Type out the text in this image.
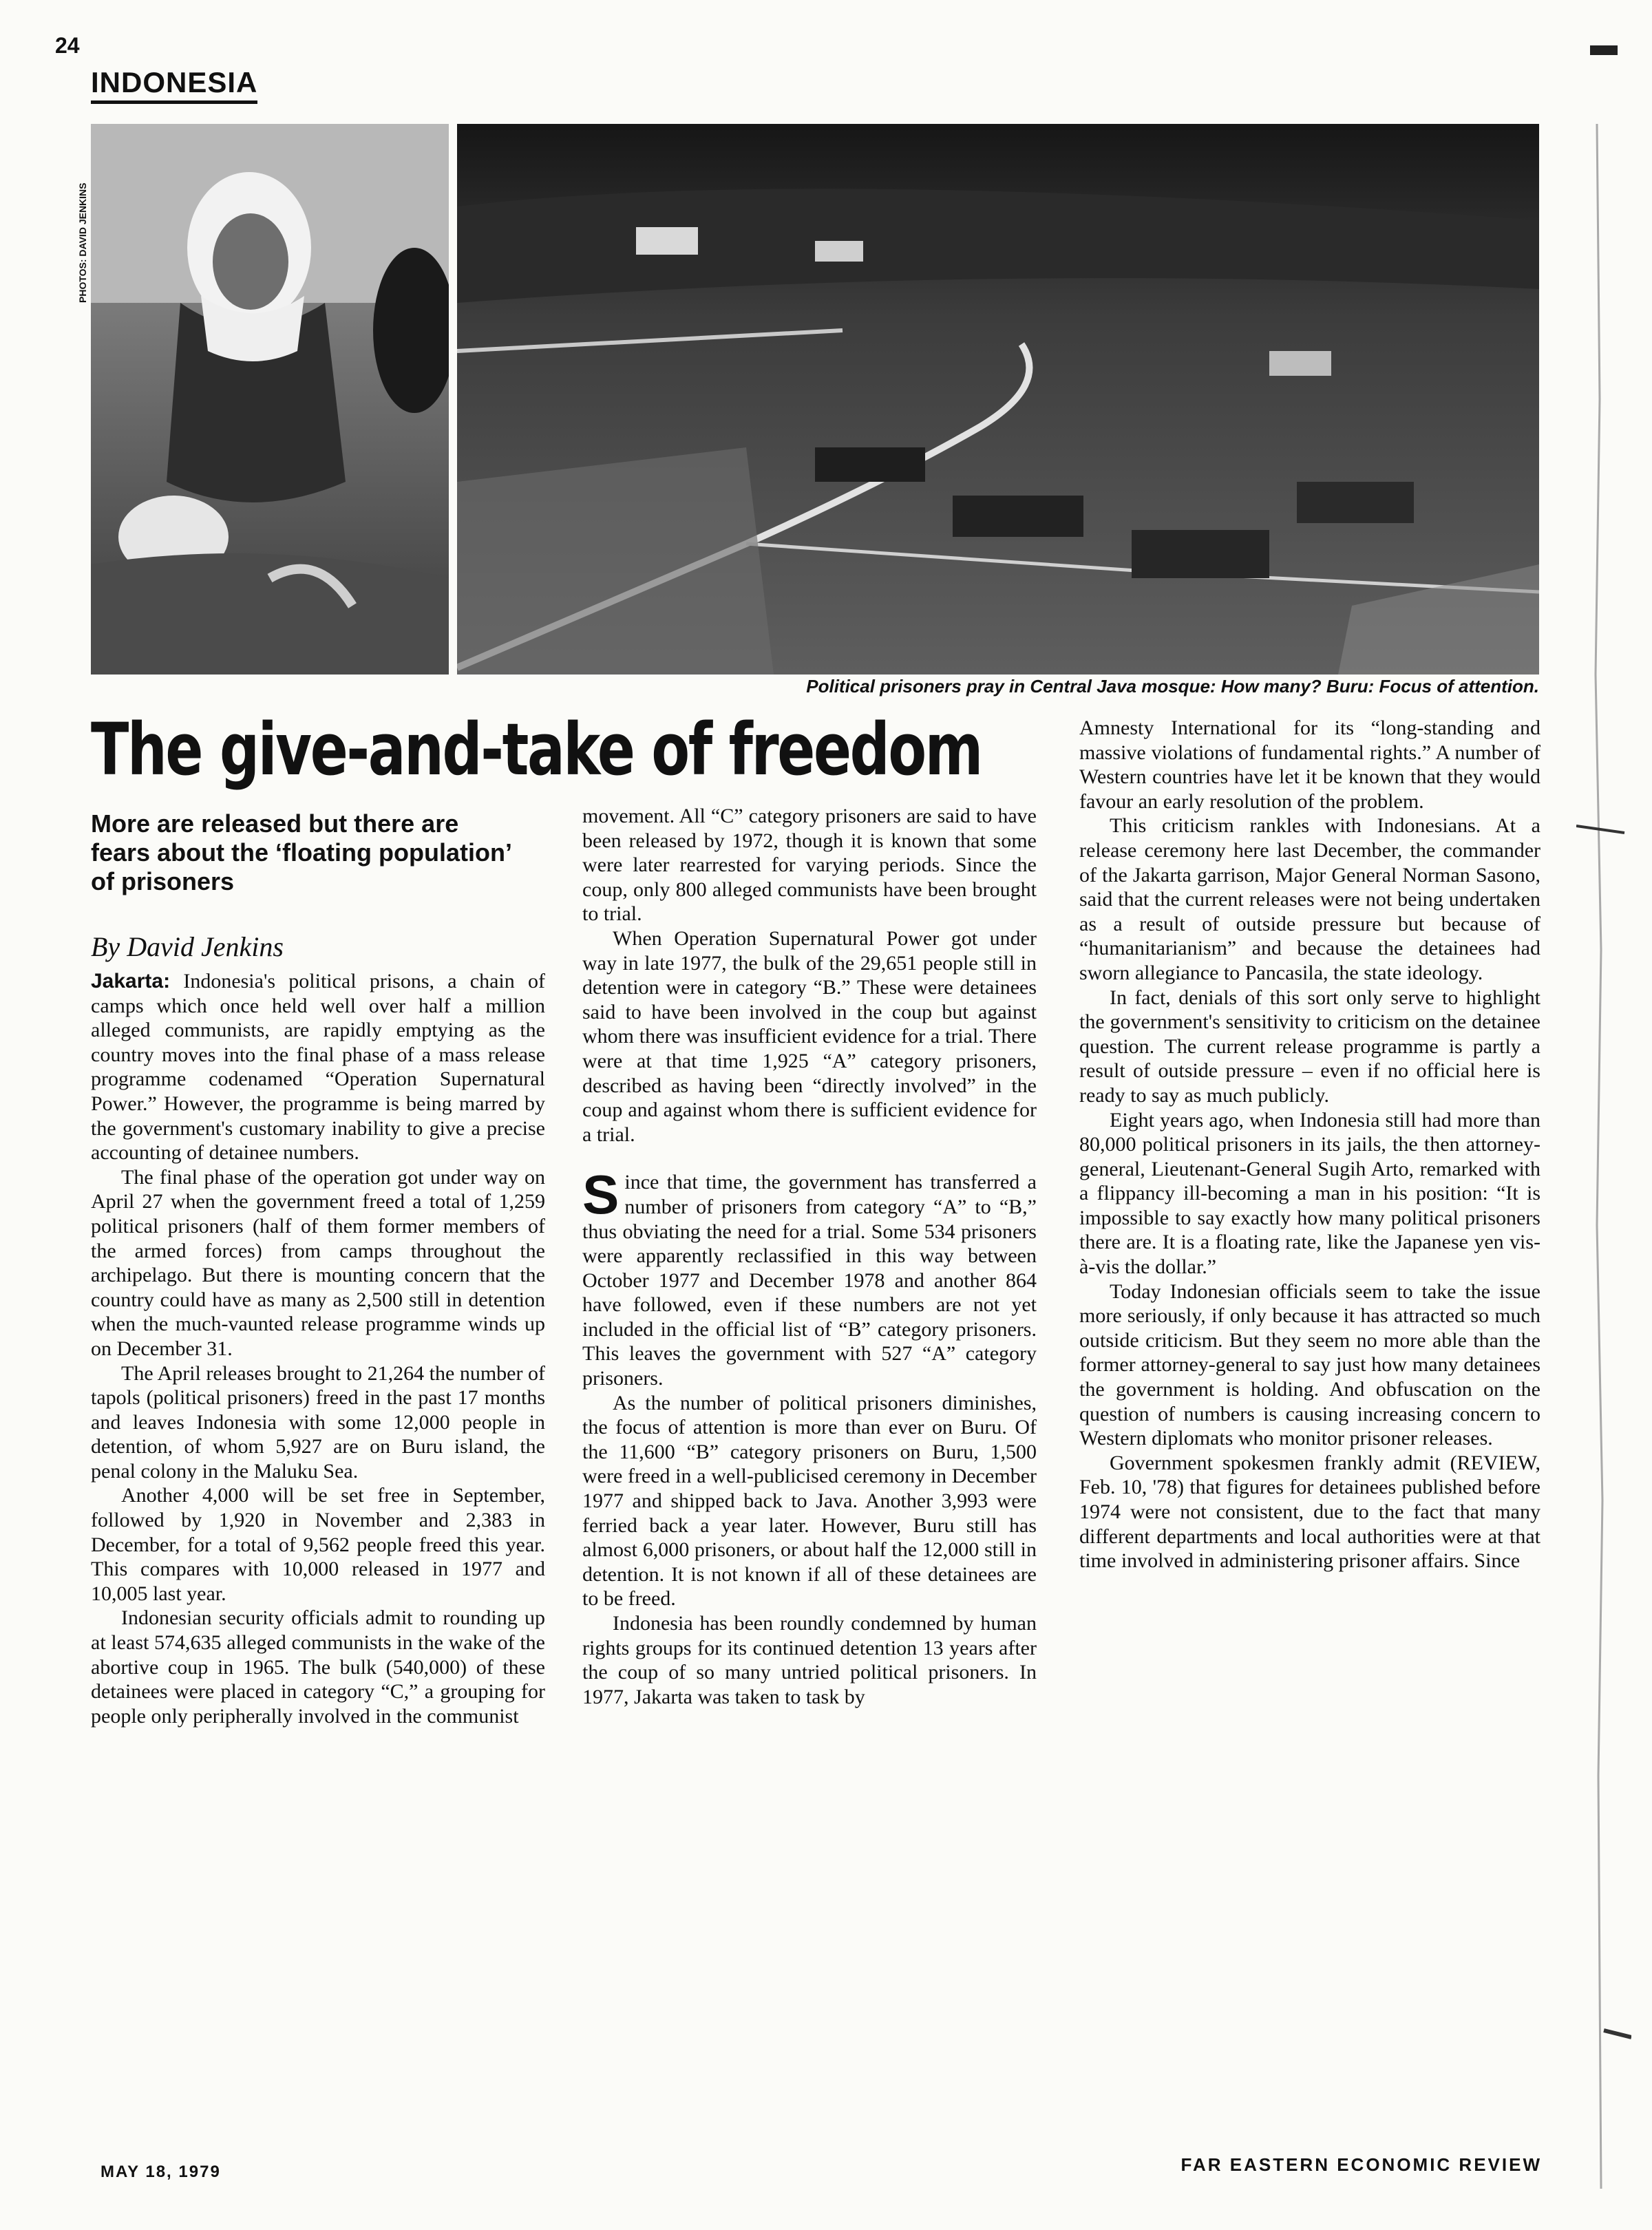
24
INDONESIA
PHOTOS: DAVID JENKINS
Political prisoners pray in Central Java mosque: How many? Buru: Focus of attention.
The give-and-take of freedom
More are released but there are fears about the ‘floating population’ of prisoners
By David Jenkins

Jakarta: Indonesia's political prisons, a chain of camps which once held well over half a million alleged communists, are rapidly emptying as the country moves into the final phase of a mass release programme codenamed “Operation Supernatural Power.” However, the programme is being marred by the government's customary inability to give a precise accounting of detainee numbers.

The final phase of the operation got under way on April 27 when the government freed a total of 1,259 political prisoners (half of them former members of the armed forces) from camps throughout the archipelago. But there is mounting concern that the country could have as many as 2,500 still in detention when the much-vaunted release programme winds up on December 31.

The April releases brought to 21,264 the number of tapols (political prisoners) freed in the past 17 months and leaves Indonesia with some 12,000 people in detention, of whom 5,927 are on Buru island, the penal colony in the Maluku Sea.

Another 4,000 will be set free in September, followed by 1,920 in November and 2,383 in December, for a total of 9,562 people freed this year. This compares with 10,000 released in 1977 and 10,005 last year.

Indonesian security officials admit to rounding up at least 574,635 alleged communists in the wake of the abortive coup in 1965. The bulk (540,000) of these detainees were placed in category “C,” a grouping for people only peripherally involved in the communist

movement. All “C” category prisoners are said to have been released by 1972, though it is known that some were later rearrested for varying periods. Since the coup, only 800 alleged communists have been brought to trial.

When Operation Supernatural Power got under way in late 1977, the bulk of the 29,651 people still in detention were in category “B.” These were detainees said to have been involved in the coup but against whom there was insufficient evidence for a trial. There were at that time 1,925 “A” category prisoners, described as having been “directly involved” in the coup and against whom there is sufficient evidence for a trial.

Since that time, the government has transferred a number of prisoners from category “A” to “B,” thus obviating the need for a trial. Some 534 prisoners were apparently reclassified in this way between October 1977 and December 1978 and another 864 have followed, even if these numbers are not yet included in the official list of “B” category prisoners. This leaves the government with 527 “A” category prisoners.

As the number of political prisoners diminishes, the focus of attention is more than ever on Buru. Of the 11,600 “B” category prisoners on Buru, 1,500 were freed in a well-publicised ceremony in December 1977 and shipped back to Java. Another 3,993 were ferried back a year later. However, Buru still has almost 6,000 prisoners, or about half the 12,000 still in detention. It is not known if all of these detainees are to be freed.

Indonesia has been roundly condemned by human rights groups for its continued detention 13 years after the coup of so many untried political prisoners. In 1977, Jakarta was taken to task by

Amnesty International for its “long-standing and massive violations of fundamental rights.” A number of Western countries have let it be known that they would favour an early resolution of the problem.

This criticism rankles with Indonesians. At a release ceremony here last December, the commander of the Jakarta garrison, Major General Norman Sasono, said that the current releases were not being undertaken as a result of outside pressure but because of “humanitarianism” and because the detainees had sworn allegiance to Pancasila, the state ideology.

In fact, denials of this sort only serve to highlight the government's sensitivity to criticism on the detainee question. The current release programme is partly a result of outside pressure – even if no official here is ready to say as much publicly.

Eight years ago, when Indonesia still had more than 80,000 political prisoners in its jails, the then attorney-general, Lieutenant-General Sugih Arto, remarked with a flippancy ill-becoming a man in his position: “It is impossible to say exactly how many political prisoners there are. It is a floating rate, like the Japanese yen vis-à-vis the dollar.”

Today Indonesian officials seem to take the issue more seriously, if only because it has attracted so much outside criticism. But they seem no more able than the former attorney-general to say just how many detainees the government is holding. And obfuscation on the question of numbers is causing increasing concern to Western diplomats who monitor prisoner releases.

Government spokesmen frankly admit (REVIEW, Feb. 10, '78) that figures for detainees published before 1974 were not consistent, due to the fact that many different departments and local authorities were at that time involved in administering prisoner affairs. Since

MAY 18, 1979	FAR EASTERN ECONOMIC REVIEW
